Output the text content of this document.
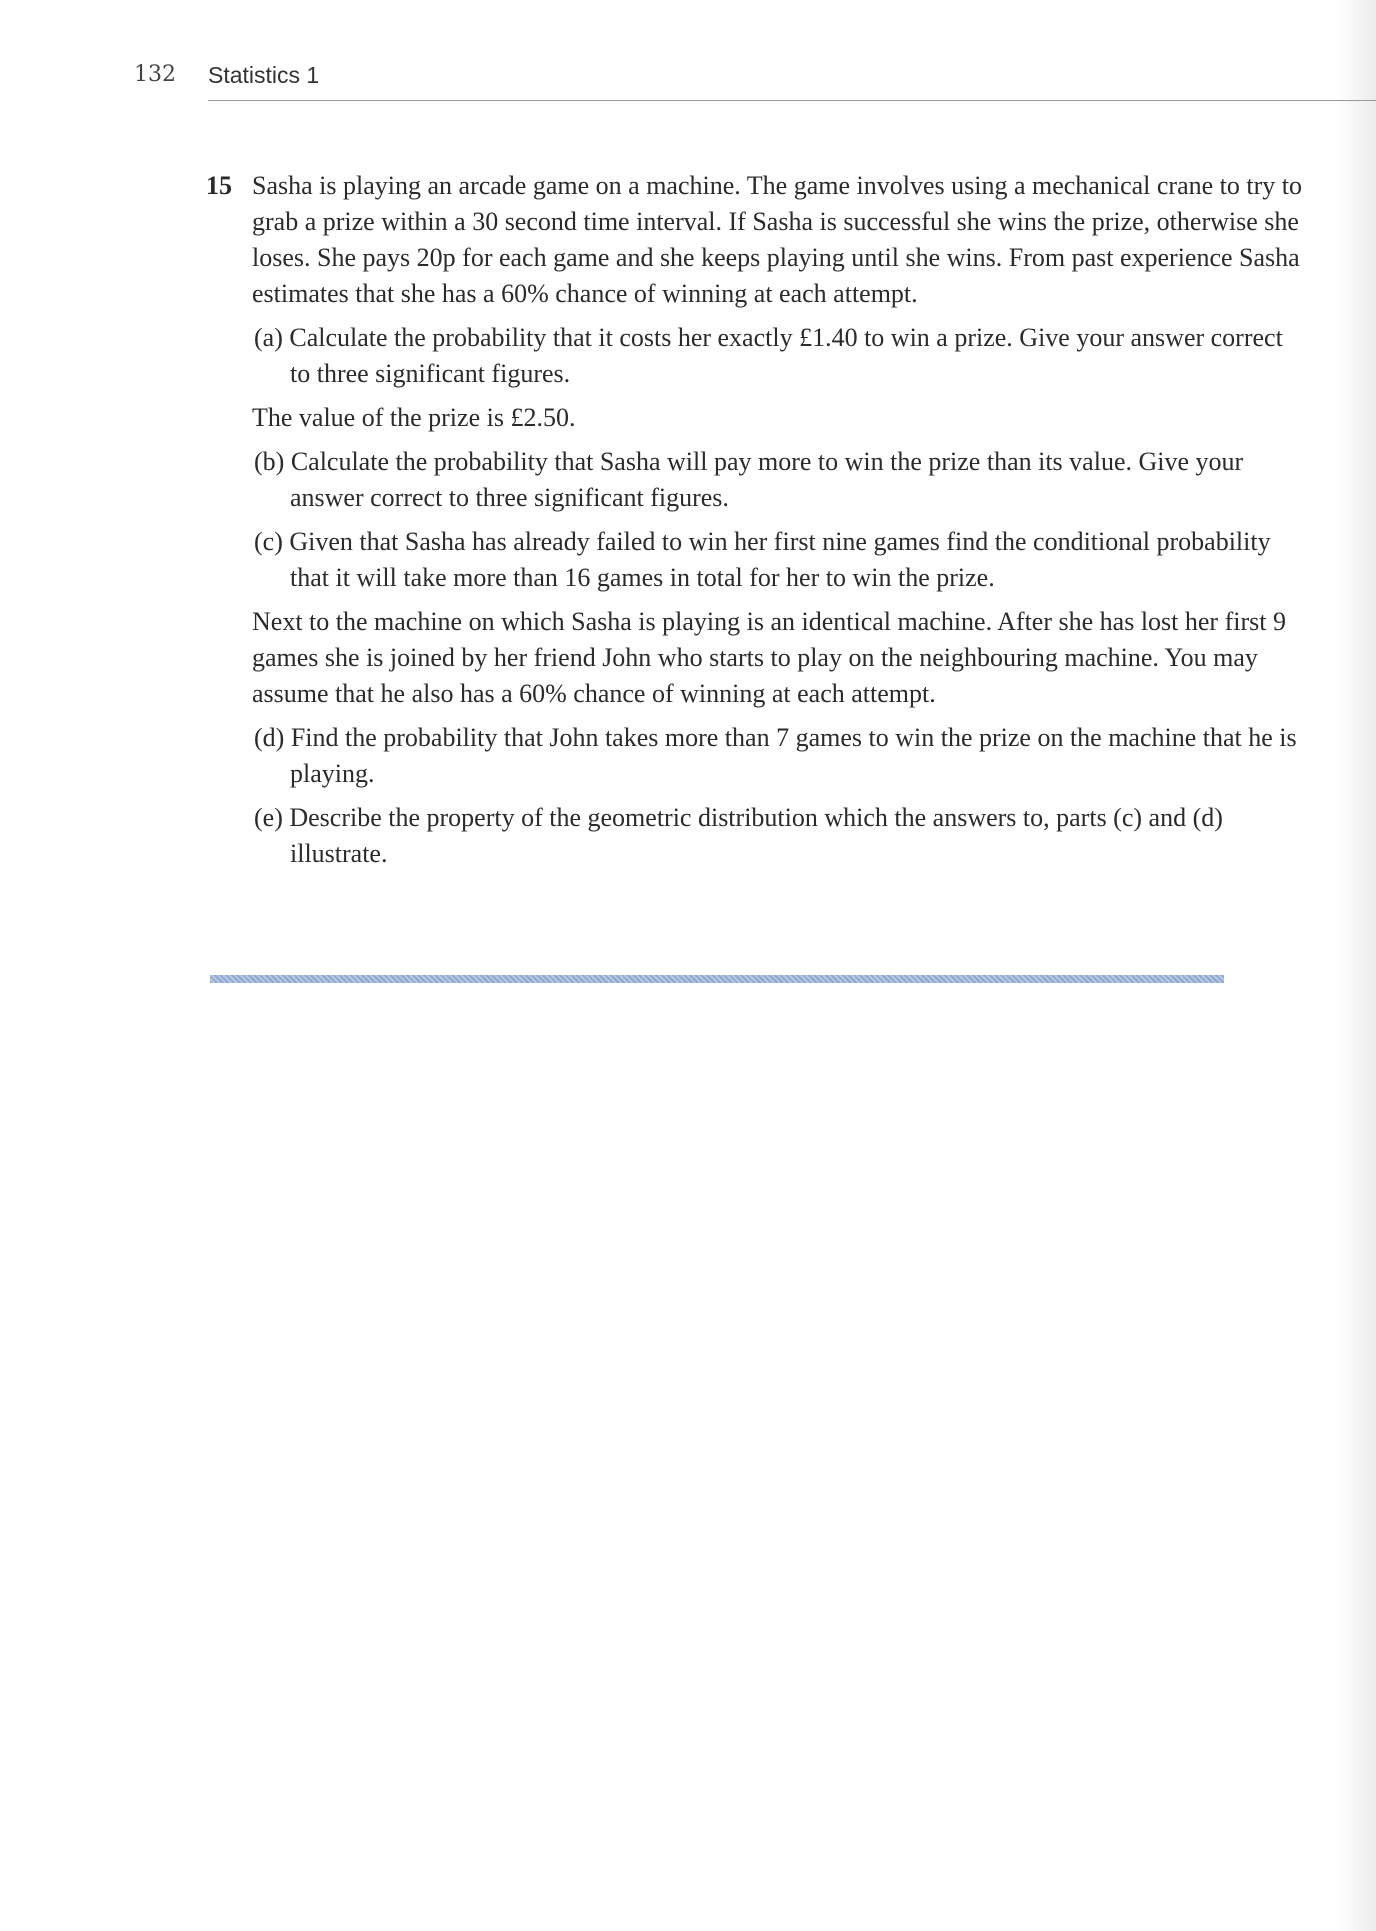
132 Statistics 1
15 Sasha is playing an arcade game on a machine. The game involves using a mechanical crane to try to grab a prize within a 30 second time interval. If Sasha is successful she wins the prize, otherwise she loses. She pays 20p for each game and she keeps playing until she wins. From past experience Sasha estimates that she has a 60% chance of winning at each attempt.

(a) Calculate the probability that it costs her exactly £1.40 to win a prize. Give your answer correct to three significant figures.

The value of the prize is £2.50.

(b) Calculate the probability that Sasha will pay more to win the prize than its value. Give your answer correct to three significant figures.

(c) Given that Sasha has already failed to win her first nine games find the conditional probability that it will take more than 16 games in total for her to win the prize.

Next to the machine on which Sasha is playing is an identical machine. After she has lost her first 9 games she is joined by her friend John who starts to play on the neighbouring machine. You may assume that he also has a 60% chance of winning at each attempt.

(d) Find the probability that John takes more than 7 games to win the prize on the machine that he is playing.

(e) Describe the property of the geometric distribution which the answers to, parts (c) and (d) illustrate.
